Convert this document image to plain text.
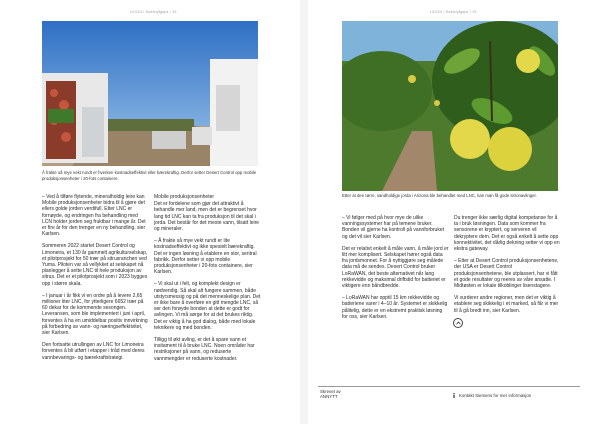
LIIO24 / Ddsfv/yfgsps / 19
Å frakte så mye vekt rundt er hverken kostnadseffektivt eller bærekraftig. Derfor setter Desert Control opp mobile produksjonsenheter i 20-fots containere.

– Ved å tilføre flytende, mineralholdig leire kan Mobile produksjonsenheter bidra til å gjøre det ellers golde jorden verdifull. Etter LNC er fornøyde, og endringen fra behandling med LCN holder jorden seg fruktbar i mange år. Det er fire år for den trenger en ny behandling, sier Karlsen.

Sommeren 2022 startet Desert Control og Limoneira, et 130 år gammelt agrikulturselskap, et pilotprosjekt for 50 trær på sitrusranchen ved Yuma. Piloten var så vellykket at selskapet nå planlegger å sette LNC til hele produksjon av sitrus. Det er et pilotprosjekt som i 2023 bygges opp i større skala.

– I januar i år fikk vi en ordre på å levere 2,65 millioner liter LNC, for ytterligere 6652 trær på 60 dekar for de kommende sesongen. Leveransen, som ble implementert i juni i april, forventes å ha en umiddelbar positiv innvirkning på forbedring av vann- og næringseffektivitet, sier Karlsen.

Den fortsatte utrullingen av LNC for Limoneira forventes å bli utført i etapper i tråd med deres vannbevarings- og bærekraftstrategi.

Mobile produksjonsenheter

Det er fordelene som gjør det attraktivt å behandle mer land, men det er begrenset hvor lang tid LNC kan ta fra produksjon til det skal i jorda. Det består for det meste vann, tilsatt leire og mineraler.

– Å frakte så mye vekt rundt er lite kostnadseffektivt og ikke spesielt bærekraftig. Det er ingen løsning å etablere en stor, sentral fabrikk. Derfor setter vi opp mobile produksjonsenheter i 20-fots containere, sier Karlsen.

– Vi skal ut i felt, og komplekt design er nødvendig. Så skal alt fungere sammen, både utstyrsmessig og på det menneskelige plan. Det er ikke bare å overføre en gitt mengde LNC, så ser den forøyde bonden at dette er godt for avlingen. Vi må sørge for at det brukes riktig. Det er viktig å ha god dialog, både med lokale teknikere og med bonden.

Tilligg til økt avling, er det å spare vann et insitament til å bruke LNC. Noen områder har restriksjoner på vann, og reduserte vannmengder er reduserte kostnader.

LIIO24 / Ddsfv/yfgsps / 19
Etter at den tørre, sandholdige jorda i Arizona ble behandlet med LNC, kan man få gode sitronavlinger.

– Vi følger med på hvor mye de ulike vanningssystemer har på temene bruker. Bonden vil gjerne ha kontroll på vannforbruket og det vil sier Karlsen.

Det er relativt enkelt å måle vann, å måle jord er litt mer komplisert. Selskapet hører også data fra jordsmonnet. For å nyttiggjøre seg målede data må de sendes. Desert Control bruker LoRaWAN, det beste alternativet når lang rekkevidde og maksimal driftstid for batteriet er viktigere enn båndbredde.

– LoRaWAN har opptil 15 km rekkevidde og batteriene varer i 4–10 år. Systemet er skikkelig pålitelig, dette er en ekstremt praktisk løsning for oss, sier Karlsen.

Du trenger ikke særlig digital kompetanse for å ta i bruk løsningen. Data som kommer fra sensorene er kryptert, og serveren vil dekryptere dem. Det er også enkelt å sette opp konnektivitet, det dårlig dekning setter vi opp en ekstra gateway.

– Etter at Desert Control produksjonsenhetene, der USA er Desert Control produksjonsenhetene, ble utplassert, har vi fått et gode resultater og reeres av våre ansatte. I Midtøsten er lokale tilkoblinger lisenstagere.

Vi vurderer andre regioner, men det er viktig å etablere seg skikkelig i et marked, så får vi mer til å gå bredt inn, sier Karlsen.

Skrevet av
ANNYTT	Kontakt Siemens for mer informasjon
